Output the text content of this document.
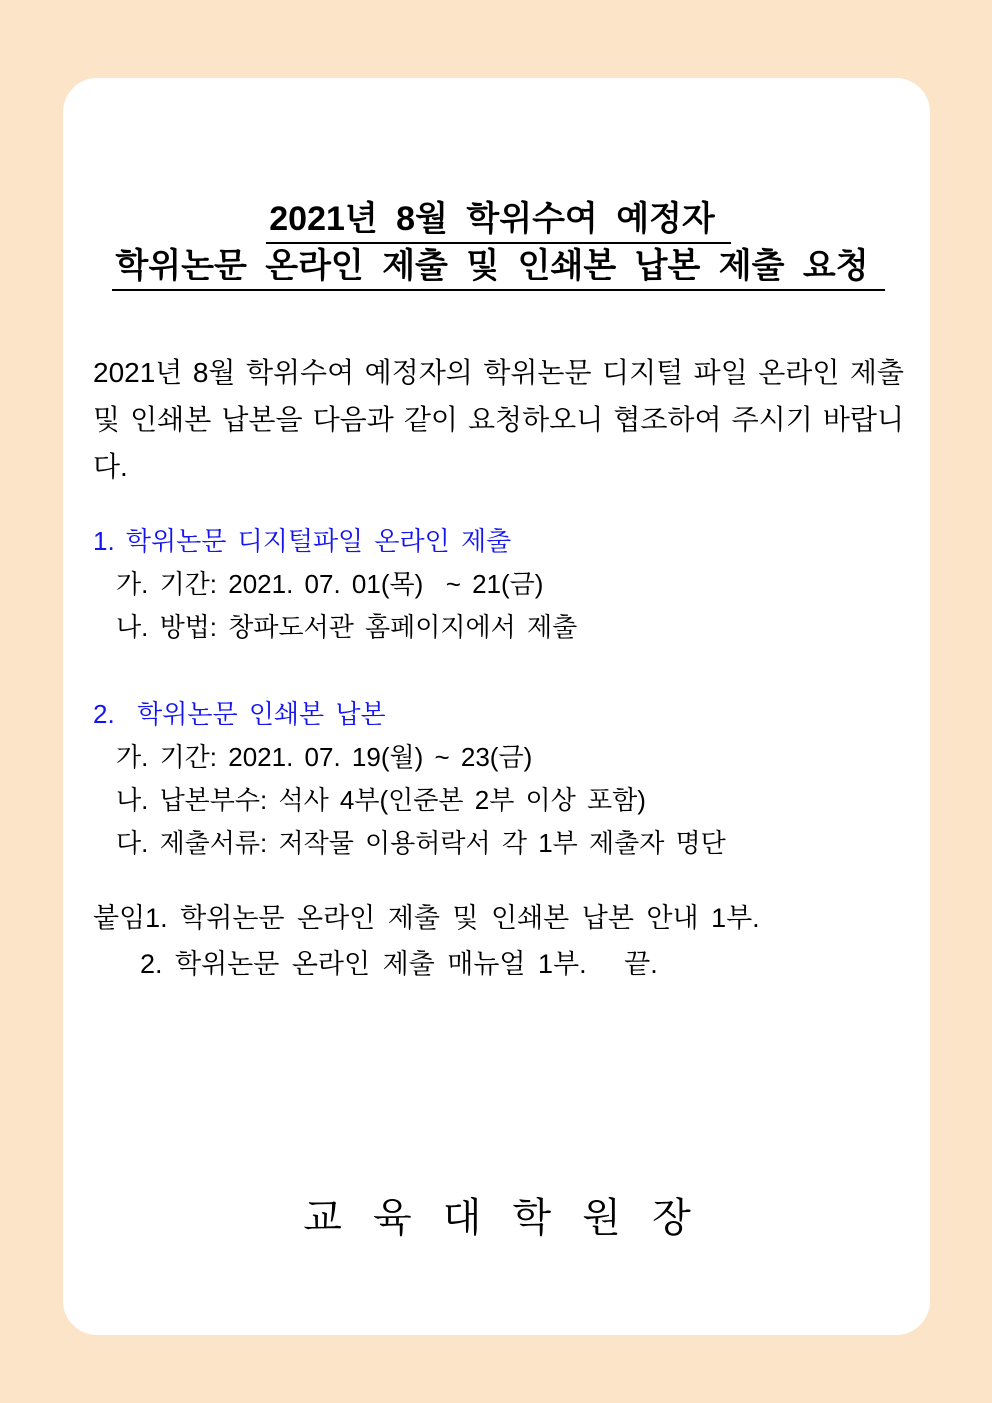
2021년 8월 학위수여 예정자
학위논문 온라인 제출 및 인쇄본 납본 제출 요청
2021년 8월 학위수여 예정자의 학위논문 디지털 파일 온라인 제출
및 인쇄본 납본을 다음과 같이 요청하오니 협조하여 주시기 바랍니
다.
1. 학위논문 디지털파일 온라인 제출
가. 기간: 2021. 07. 01(목)  ~ 21(금)
나. 방법: 창파도서관 홈페이지에서 제출
2.  학위논문 인쇄본 납본
가. 기간: 2021. 07. 19(월) ~ 23(금)
나. 납본부수: 석사 4부(인준본 2부 이상 포함)
다. 제출서류: 저작물 이용허락서 각 1부 제출자 명단
붙임1. 학위논문 온라인 제출 및 인쇄본 납본 안내 1부.
2. 학위논문 온라인 제출 매뉴얼 1부.   끝.
교 육 대 학 원 장
